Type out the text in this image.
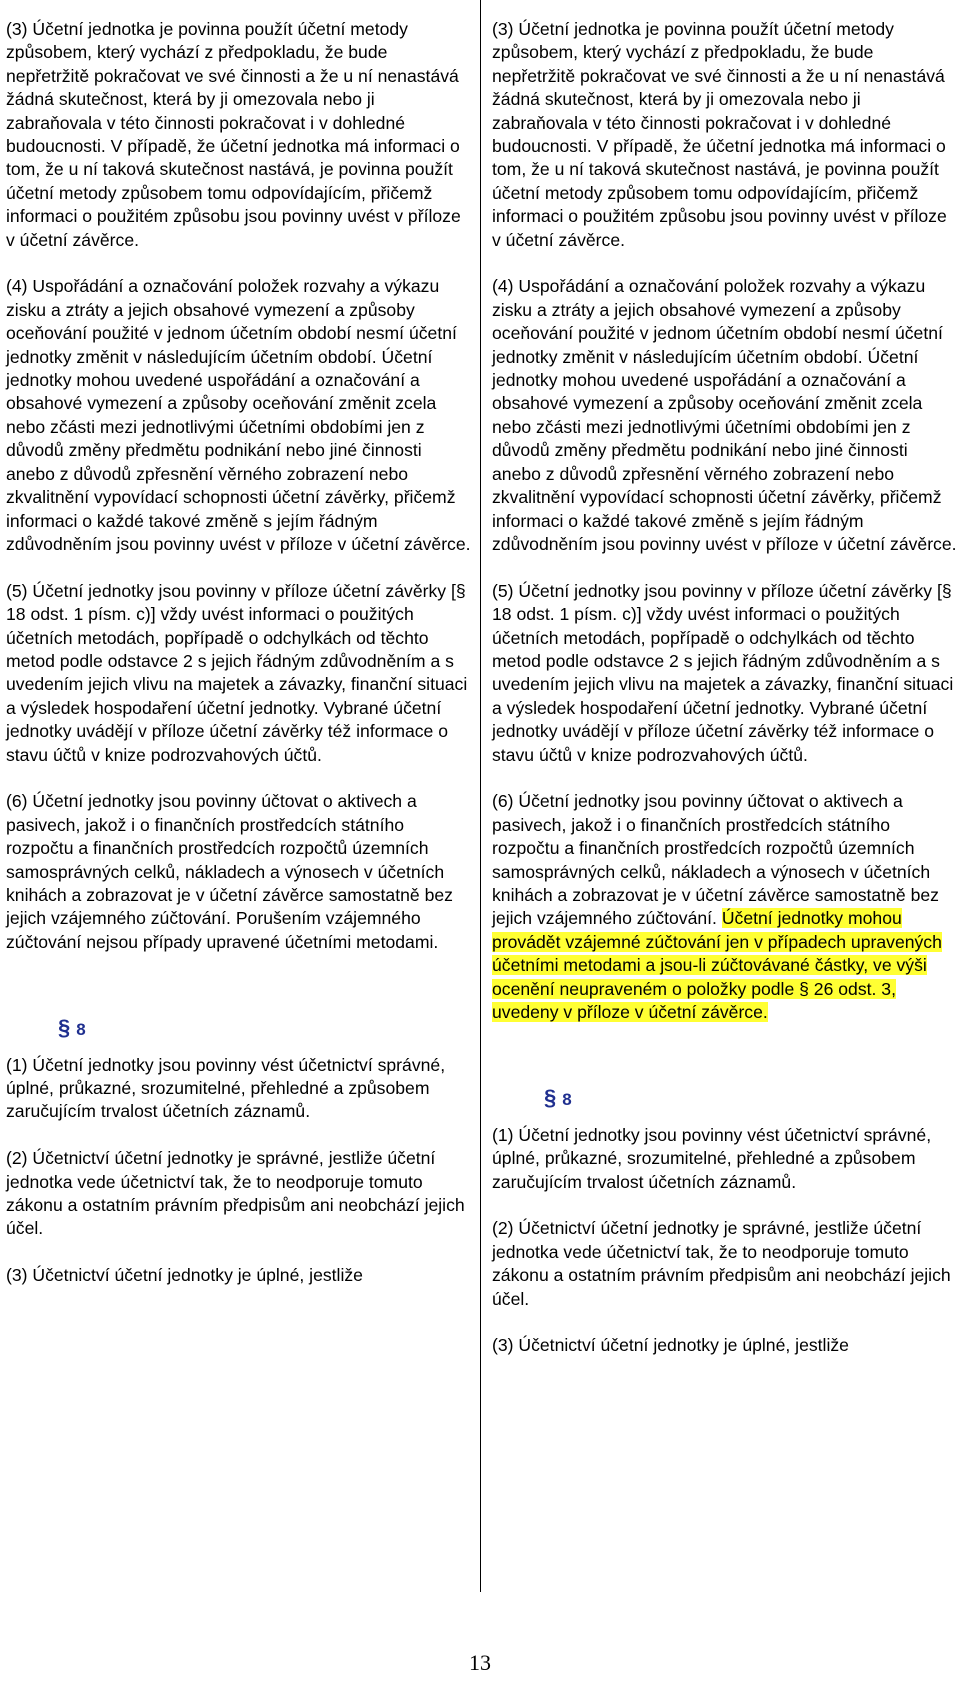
(3) Účetní jednotka je povinna použít účetní metody způsobem, který vychází z předpokladu, že bude nepřetržitě pokračovat ve své činnosti a že u ní nenastává žádná skutečnost, která by ji omezovala nebo ji zabraňovala v této činnosti pokračovat i v dohledné budoucnosti. V případě, že účetní jednotka má informaci o tom, že u ní taková skutečnost nastává, je povinna použít účetní metody způsobem tomu odpovídajícím, přičemž informaci o použitém způsobu jsou povinny uvést v příloze v účetní závěrce.

(4) Uspořádání a označování položek rozvahy a výkazu zisku a ztráty a jejich obsahové vymezení a způsoby oceňování použité v jednom účetním období nesmí účetní jednotky změnit v následujícím účetním období. Účetní jednotky mohou uvedené uspořádání a označování a obsahové vymezení a způsoby oceňování změnit zcela nebo zčásti mezi jednotlivými účetními obdobími jen z důvodů změny předmětu podnikání nebo jiné činnosti anebo z důvodů zpřesnění věrného zobrazení nebo zkvalitnění vypovídací schopnosti účetní závěrky, přičemž informaci o každé takové změně s jejím řádným zdůvodněním jsou povinny uvést v příloze v účetní závěrce.

(5) Účetní jednotky jsou povinny v příloze účetní závěrky [§ 18 odst. 1 písm. c)] vždy uvést informaci o použitých účetních metodách, popřípadě o odchylkách od těchto metod podle odstavce 2 s jejich řádným zdůvodněním a s uvedením jejich vlivu na majetek a závazky, finanční situaci a výsledek hospodaření účetní jednotky. Vybrané účetní jednotky uvádějí v příloze účetní závěrky též informace o stavu účtů v knize podrozvahových účtů.

(6) Účetní jednotky jsou povinny účtovat o aktivech a pasivech, jakož i o finančních prostředcích státního rozpočtu a finančních prostředcích rozpočtů územních samosprávných celků, nákladech a výnosech v účetních knihách a zobrazovat je v účetní závěrce samostatně bez jejich vzájemného zúčtování. Porušením vzájemného zúčtování nejsou případy upravené účetními metodami.

§ 8

(1) Účetní jednotky jsou povinny vést účetnictví správné, úplné, průkazné, srozumitelné, přehledné a způsobem zaručujícím trvalost účetních záznamů.

(2) Účetnictví účetní jednotky je správné, jestliže účetní jednotka vede účetnictví tak, že to neodporuje tomuto zákonu a ostatním právním předpisům ani neobchází jejich účel.

(3) Účetnictví účetní jednotky je úplné, jestliže

(3) Účetní jednotka je povinna použít účetní metody způsobem, který vychází z předpokladu, že bude nepřetržitě pokračovat ve své činnosti a že u ní nenastává žádná skutečnost, která by ji omezovala nebo ji zabraňovala v této činnosti pokračovat i v dohledné budoucnosti. V případě, že účetní jednotka má informaci o tom, že u ní taková skutečnost nastává, je povinna použít účetní metody způsobem tomu odpovídajícím, přičemž informaci o použitém způsobu jsou povinny uvést v příloze v účetní závěrce.

(4) Uspořádání a označování položek rozvahy a výkazu zisku a ztráty a jejich obsahové vymezení a způsoby oceňování použité v jednom účetním období nesmí účetní jednotky změnit v následujícím účetním období. Účetní jednotky mohou uvedené uspořádání a označování a obsahové vymezení a způsoby oceňování změnit zcela nebo zčásti mezi jednotlivými účetními obdobími jen z důvodů změny předmětu podnikání nebo jiné činnosti anebo z důvodů zpřesnění věrného zobrazení nebo zkvalitnění vypovídací schopnosti účetní závěrky, přičemž informaci o každé takové změně s jejím řádným zdůvodněním jsou povinny uvést v příloze v účetní závěrce.

(5) Účetní jednotky jsou povinny v příloze účetní závěrky [§ 18 odst. 1 písm. c)] vždy uvést informaci o použitých účetních metodách, popřípadě o odchylkách od těchto metod podle odstavce 2 s jejich řádným zdůvodněním a s uvedením jejich vlivu na majetek a závazky, finanční situaci a výsledek hospodaření účetní jednotky. Vybrané účetní jednotky uvádějí v příloze účetní závěrky též informace o stavu účtů v knize podrozvahových účtů.

(6) Účetní jednotky jsou povinny účtovat o aktivech a pasivech, jakož i o finančních prostředcích státního rozpočtu a finančních prostředcích rozpočtů územních samosprávných celků, nákladech a výnosech v účetních knihách a zobrazovat je v účetní závěrce samostatně bez jejich vzájemného zúčtování. Účetní jednotky mohou provádět vzájemné zúčtování jen v případech upravených účetními metodami a jsou-li zúčtovávané částky, ve výši ocenění neupraveném o položky podle § 26 odst. 3, uvedeny v příloze v účetní závěrce.

§ 8

(1) Účetní jednotky jsou povinny vést účetnictví správné, úplné, průkazné, srozumitelné, přehledné a způsobem zaručujícím trvalost účetních záznamů.

(2) Účetnictví účetní jednotky je správné, jestliže účetní jednotka vede účetnictví tak, že to neodporuje tomuto zákonu a ostatním právním předpisům ani neobchází jejich účel.

(3) Účetnictví účetní jednotky je úplné, jestliže

13
